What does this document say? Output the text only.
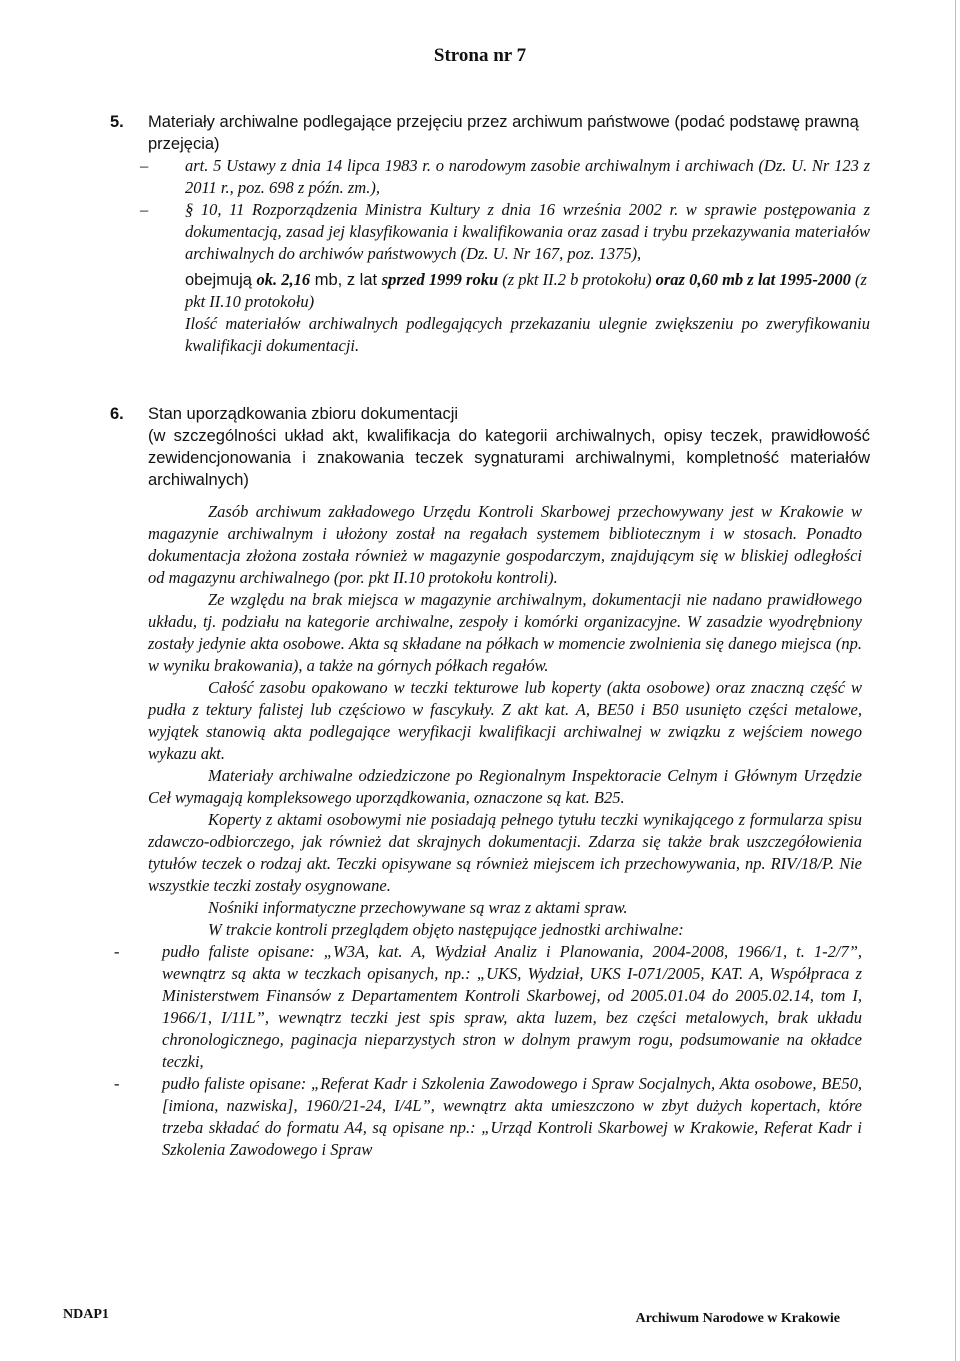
Strona nr 7
5. Materiały archiwalne podlegające przejęciu przez archiwum państwowe (podać podstawę prawną przejęcia)

– art. 5 Ustawy z dnia 14 lipca 1983 r. o narodowym zasobie archiwalnym i archiwach (Dz. U. Nr 123 z 2011 r., poz. 698 z późn. zm.),
– § 10, 11 Rozporządzenia Ministra Kultury z dnia 16 września 2002 r. w sprawie postępowania z dokumentacją, zasad jej klasyfikowania i kwalifikowania oraz zasad i trybu przekazywania materiałów archiwalnych do archiwów państwowych (Dz. U. Nr 167, poz. 1375),

obejmują ok. 2,16 mb, z lat sprzed 1999 roku (z pkt II.2 b protokołu) oraz 0,60 mb z lat 1995-2000 (z pkt II.10 protokołu)

Ilość materiałów archiwalnych podlegających przekazaniu ulegnie zwiększeniu po zweryfikowaniu kwalifikacji dokumentacji.

6. Stan uporządkowania zbioru dokumentacji

(w szczególności układ akt, kwalifikacja do kategorii archiwalnych, opisy teczek, prawidłowość zewidencjonowania i znakowania teczek sygnaturami archiwalnymi, kompletność materiałów archiwalnych)

Zasób archiwum zakładowego Urzędu Kontroli Skarbowej przechowywany jest w Krakowie w magazynie archiwalnym i ułożony został na regałach systemem bibliotecznym i w stosach. Ponadto dokumentacja złożona została również w magazynie gospodarczym, znajdującym się w bliskiej odległości od magazynu archiwalnego (por. pkt II.10 protokołu kontroli).

Ze względu na brak miejsca w magazynie archiwalnym, dokumentacji nie nadano prawidłowego układu, tj. podziału na kategorie archiwalne, zespoły i komórki organizacyjne. W zasadzie wyodrębniony zostały jedynie akta osobowe. Akta są składane na półkach w momencie zwolnienia się danego miejsca (np. w wyniku brakowania), a także na górnych półkach regałów.

Całość zasobu opakowano w teczki tekturowe lub koperty (akta osobowe) oraz znaczną część w pudła z tektury falistej lub częściowo w fascykuły. Z akt kat. A, BE50 i B50 usunięto części metalowe, wyjątek stanowią akta podlegające weryfikacji kwalifikacji archiwalnej w związku z wejściem nowego wykazu akt.

Materiały archiwalne odziedziczone po Regionalnym Inspektoracie Celnym i Głównym Urzędzie Ceł wymagają kompleksowego uporządkowania, oznaczone są kat. B25.

Koperty z aktami osobowymi nie posiadają pełnego tytułu teczki wynikającego z formularza spisu zdawczo-odbiorczego, jak również dat skrajnych dokumentacji. Zdarza się także brak uszczegółowienia tytułów teczek o rodzaj akt. Teczki opisywane są również miejscem ich przechowywania, np. RIV/18/P. Nie wszystkie teczki zostały osygnowane.

Nośniki informatyczne przechowywane są wraz z aktami spraw.

W trakcie kontroli przeglądem objęto następujące jednostki archiwalne:

-	pudło faliste opisane: „W3A, kat. A, Wydział Analiz i Planowania, 2004-2008, 1966/1, t. 1-2/7”, wewnątrz są akta w teczkach opisanych, np.: „UKS, Wydział, UKS I-071/2005, KAT. A, Współpraca z Ministerstwem Finansów z Departamentem Kontroli Skarbowej, od 2005.01.04 do 2005.02.14, tom I, 1966/1, I/11L”, wewnątrz teczki jest spis spraw, akta luzem, bez części metalowych, brak układu chronologicznego, paginacja nieparzystych stron w dolnym prawym rogu, podsumowanie na okładce teczki,
-	pudło faliste opisane: „Referat Kadr i Szkolenia Zawodowego i Spraw Socjalnych, Akta osobowe, BE50, [imiona, nazwiska], 1960/21-24, I/4L”, wewnątrz akta umieszczono w zbyt dużych kopertach, które trzeba składać do formatu A4, są opisane np.: „Urząd Kontroli Skarbowej w Krakowie, Referat Kadr i Szkolenia Zawodowego i Spraw
NDAP1	Archiwum Narodowe w Krakowie
